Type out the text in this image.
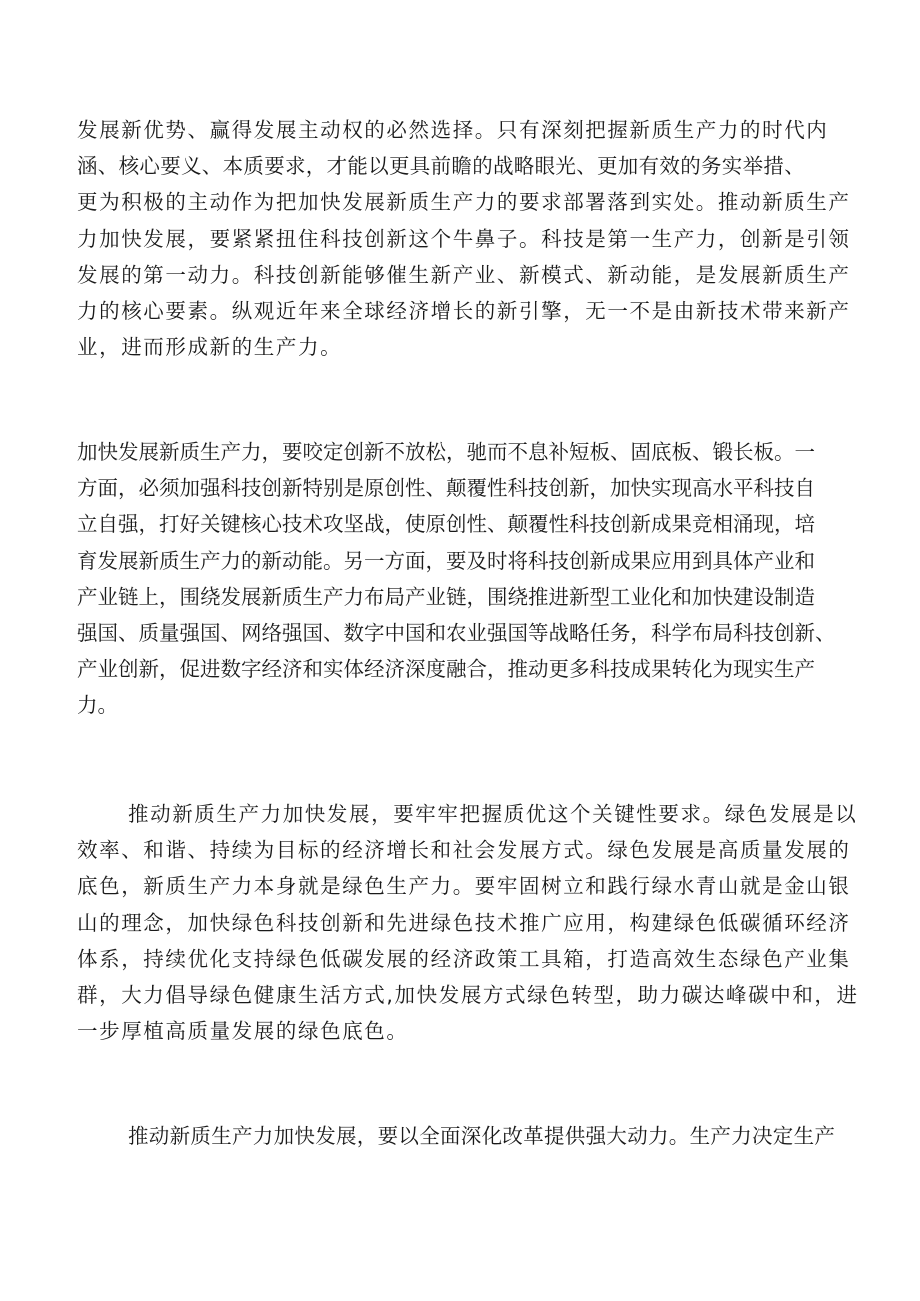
发展新优势、赢得发展主动权的必然选择。只有深刻把握新质生产力的时代内
涵、核心要义、本质要求，才能以更具前瞻的战略眼光、更加有效的务实举措、
更为积极的主动作为把加快发展新质生产力的要求部署落到实处。推动新质生产
力加快发展，要紧紧扭住科技创新这个牛鼻子。科技是第一生产力，创新是引领
发展的第一动力。科技创新能够催生新产业、新模式、新动能，是发展新质生产
力的核心要素。纵观近年来全球经济增长的新引擎，无一不是由新技术带来新产
业，进而形成新的生产力。
加快发展新质生产力，要咬定创新不放松，驰而不息补短板、固底板、锻长板。一
方面，必须加强科技创新特别是原创性、颠覆性科技创新，加快实现高水平科技自
立自强，打好关键核心技术攻坚战，使原创性、颠覆性科技创新成果竞相涌现，培
育发展新质生产力的新动能。另一方面，要及时将科技创新成果应用到具体产业和
产业链上，围绕发展新质生产力布局产业链，围绕推进新型工业化和加快建设制造
强国、质量强国、网络强国、数字中国和农业强国等战略任务，科学布局科技创新、
产业创新，促进数字经济和实体经济深度融合，推动更多科技成果转化为现实生产
力。
推动新质生产力加快发展，要牢牢把握质优这个关键性要求。绿色发展是以
效率、和谐、持续为目标的经济增长和社会发展方式。绿色发展是高质量发展的
底色，新质生产力本身就是绿色生产力。要牢固树立和践行绿水青山就是金山银
山的理念，加快绿色科技创新和先进绿色技术推广应用，构建绿色低碳循环经济
体系，持续优化支持绿色低碳发展的经济政策工具箱，打造高效生态绿色产业集
群，大力倡导绿色健康生活方式,加快发展方式绿色转型，助力碳达峰碳中和，进
一步厚植高质量发展的绿色底色。
推动新质生产力加快发展，要以全面深化改革提供强大动力。生产力决定生产
